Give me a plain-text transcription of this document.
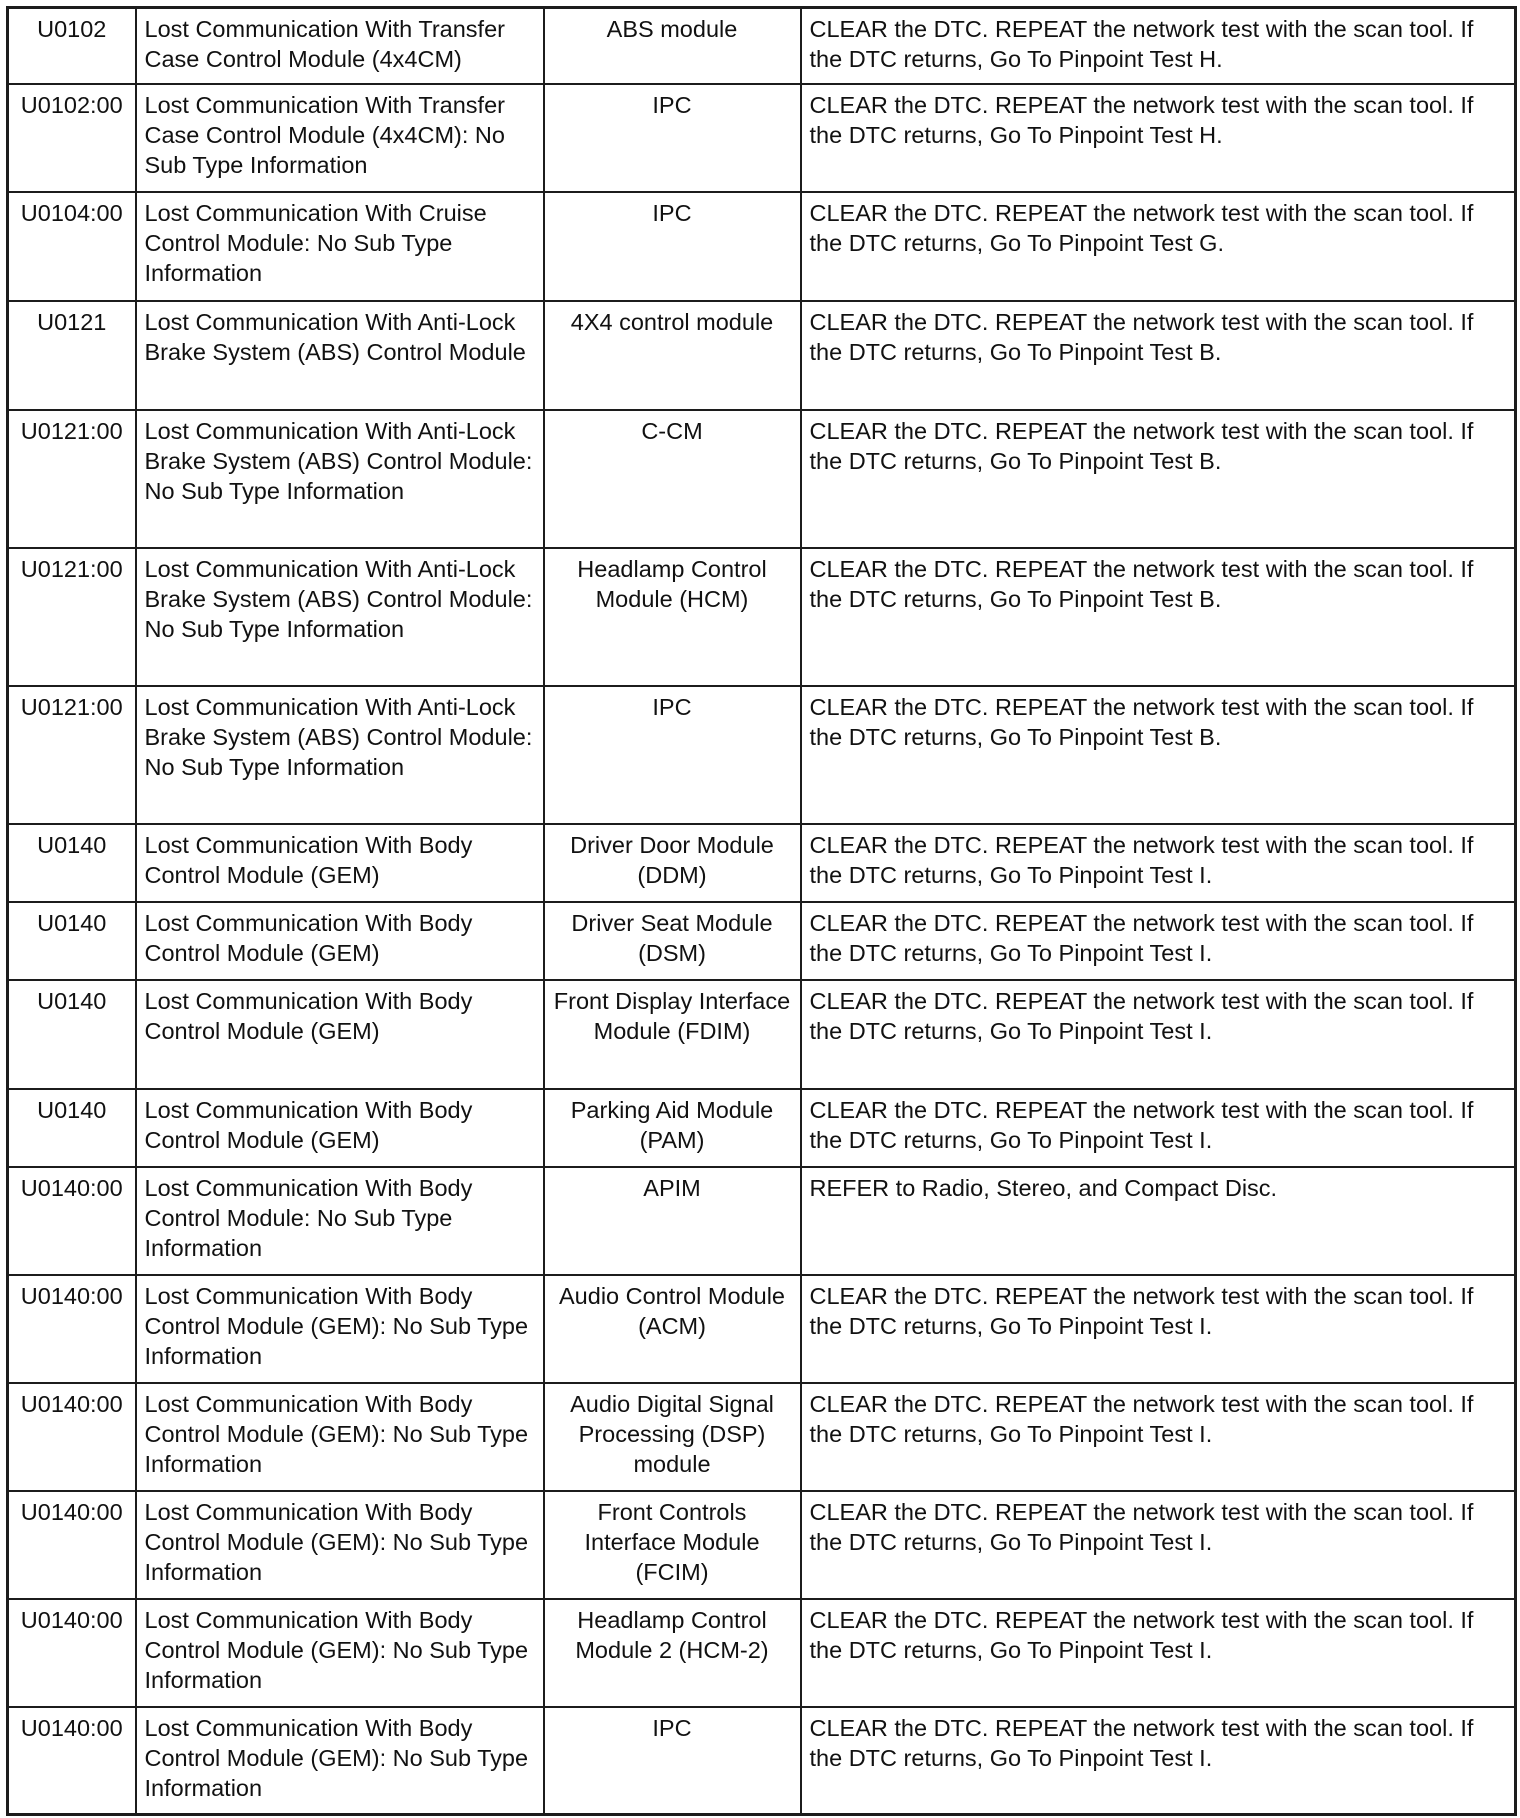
U0102	Lost Communication With Transfer Case Control Module (4x4CM)	ABS module	CLEAR the DTC. REPEAT the network test with the scan tool. If the DTC returns, Go To Pinpoint Test H.
U0102:00	Lost Communication With Transfer Case Control Module (4x4CM): No Sub Type Information	IPC	CLEAR the DTC. REPEAT the network test with the scan tool. If the DTC returns, Go To Pinpoint Test H.
U0104:00	Lost Communication With Cruise Control Module: No Sub Type Information	IPC	CLEAR the DTC. REPEAT the network test with the scan tool. If the DTC returns, Go To Pinpoint Test G.
U0121	Lost Communication With Anti-Lock Brake System (ABS) Control Module	4X4 control module	CLEAR the DTC. REPEAT the network test with the scan tool. If the DTC returns, Go To Pinpoint Test B.
U0121:00	Lost Communication With Anti-Lock Brake System (ABS) Control Module: No Sub Type Information	C-CM	CLEAR the DTC. REPEAT the network test with the scan tool. If the DTC returns, Go To Pinpoint Test B.
U0121:00	Lost Communication With Anti-Lock Brake System (ABS) Control Module: No Sub Type Information	Headlamp Control Module (HCM)	CLEAR the DTC. REPEAT the network test with the scan tool. If the DTC returns, Go To Pinpoint Test B.
U0121:00	Lost Communication With Anti-Lock Brake System (ABS) Control Module: No Sub Type Information	IPC	CLEAR the DTC. REPEAT the network test with the scan tool. If the DTC returns, Go To Pinpoint Test B.
U0140	Lost Communication With Body Control Module (GEM)	Driver Door Module (DDM)	CLEAR the DTC. REPEAT the network test with the scan tool. If the DTC returns, Go To Pinpoint Test I.
U0140	Lost Communication With Body Control Module (GEM)	Driver Seat Module (DSM)	CLEAR the DTC. REPEAT the network test with the scan tool. If the DTC returns, Go To Pinpoint Test I.
U0140	Lost Communication With Body Control Module (GEM)	Front Display Interface Module (FDIM)	CLEAR the DTC. REPEAT the network test with the scan tool. If the DTC returns, Go To Pinpoint Test I.
U0140	Lost Communication With Body Control Module (GEM)	Parking Aid Module (PAM)	CLEAR the DTC. REPEAT the network test with the scan tool. If the DTC returns, Go To Pinpoint Test I.
U0140:00	Lost Communication With Body Control Module: No Sub Type Information	APIM	REFER to Radio, Stereo, and Compact Disc.
U0140:00	Lost Communication With Body Control Module (GEM): No Sub Type Information	Audio Control Module (ACM)	CLEAR the DTC. REPEAT the network test with the scan tool. If the DTC returns, Go To Pinpoint Test I.
U0140:00	Lost Communication With Body Control Module (GEM): No Sub Type Information	Audio Digital Signal Processing (DSP) module	CLEAR the DTC. REPEAT the network test with the scan tool. If the DTC returns, Go To Pinpoint Test I.
U0140:00	Lost Communication With Body Control Module (GEM): No Sub Type Information	Front Controls Interface Module (FCIM)	CLEAR the DTC. REPEAT the network test with the scan tool. If the DTC returns, Go To Pinpoint Test I.
U0140:00	Lost Communication With Body Control Module (GEM): No Sub Type Information	Headlamp Control Module 2 (HCM-2)	CLEAR the DTC. REPEAT the network test with the scan tool. If the DTC returns, Go To Pinpoint Test I.
U0140:00	Lost Communication With Body Control Module (GEM): No Sub Type Information	IPC	CLEAR the DTC. REPEAT the network test with the scan tool. If the DTC returns, Go To Pinpoint Test I.
